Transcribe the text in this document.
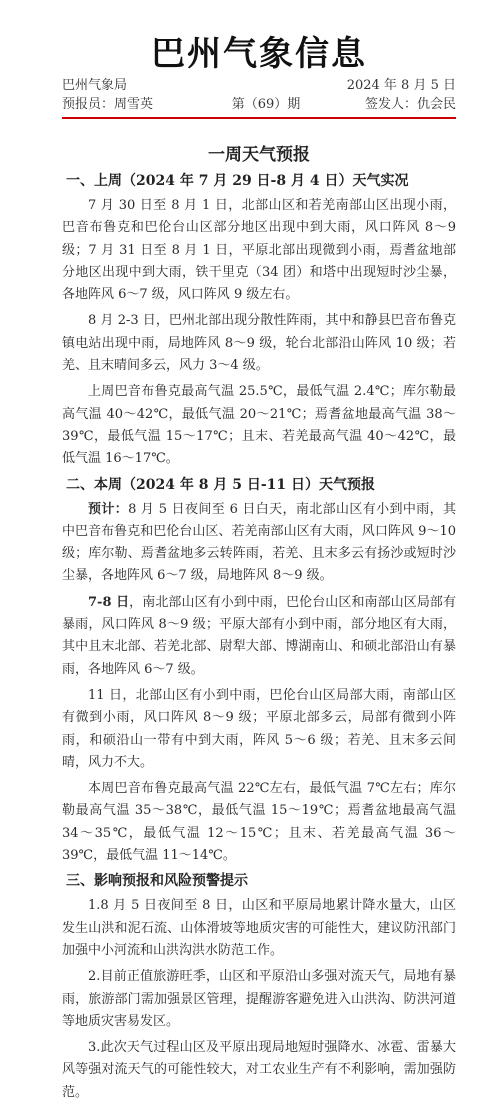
巴州气象信息
巴州气象局	2024 年 8 月 5 日
预报员：周雪英	第（69）期	签发人：仇会民
一周天气预报
一、上周（2024 年 7 月 29 日-8 月 4 日）天气实况

7 月 30 日至 8 月 1 日，北部山区和若羌南部山区出现小雨，巴音布鲁克和巴伦台山区部分地区出现中到大雨，风口阵风 8～9 级；7 月 31 日至 8 月 1 日，平原北部出现微到小雨，焉耆盆地部分地区出现中到大雨，铁干里克（34 团）和塔中出现短时沙尘暴，各地阵风 6～7 级，风口阵风 9 级左右。

8 月 2-3 日，巴州北部出现分散性阵雨，其中和静县巴音布鲁克镇电站出现中雨，局地阵风 8～9 级，轮台北部沿山阵风 10 级；若羌、且末晴间多云，风力 3～4 级。

上周巴音布鲁克最高气温 25.5℃，最低气温 2.4℃；库尔勒最高气温 40～42℃，最低气温 20～21℃；焉耆盆地最高气温 38～39℃，最低气温 15～17℃；且末、若羌最高气温 40～42℃，最低气温 16～17℃。

二、本周（2024 年 8 月 5 日-11 日）天气预报

预计：8 月 5 日夜间至 6 日白天，南北部山区有小到中雨，其中巴音布鲁克和巴伦台山区、若羌南部山区有大雨，风口阵风 9～10 级；库尔勒、焉耆盆地多云转阵雨，若羌、且末多云有扬沙或短时沙尘暴，各地阵风 6～7 级，局地阵风 8～9 级。

7-8 日，南北部山区有小到中雨，巴伦台山区和南部山区局部有暴雨，风口阵风 8～9 级；平原大部有小到中雨，部分地区有大雨，其中且末北部、若羌北部、尉犁大部、博湖南山、和硕北部沿山有暴雨，各地阵风 6～7 级。

11 日，北部山区有小到中雨，巴伦台山区局部大雨，南部山区有微到小雨，风口阵风 8～9 级；平原北部多云，局部有微到小阵雨，和硕沿山一带有中到大雨，阵风 5～6 级；若羌、且末多云间晴，风力不大。

本周巴音布鲁克最高气温 22℃左右，最低气温 7℃左右；库尔勒最高气温 35～38℃，最低气温 15～19℃；焉耆盆地最高气温 34～35℃，最低气温 12～15℃；且末、若羌最高气温 36～39℃，最低气温 11～14℃。

三、影响预报和风险预警提示

1.8 月 5 日夜间至 8 日，山区和平原局地累计降水量大，山区发生山洪和泥石流、山体滑坡等地质灾害的可能性大，建议防汛部门加强中小河流和山洪沟洪水防范工作。

2.目前正值旅游旺季，山区和平原沿山多强对流天气，局地有暴雨，旅游部门需加强景区管理，提醒游客避免进入山洪沟、防洪河道等地质灾害易发区。

3.此次天气过程山区及平原出现局地短时强降水、冰雹、雷暴大风等强对流天气的可能性较大，对工农业生产有不利影响，需加强防范。
